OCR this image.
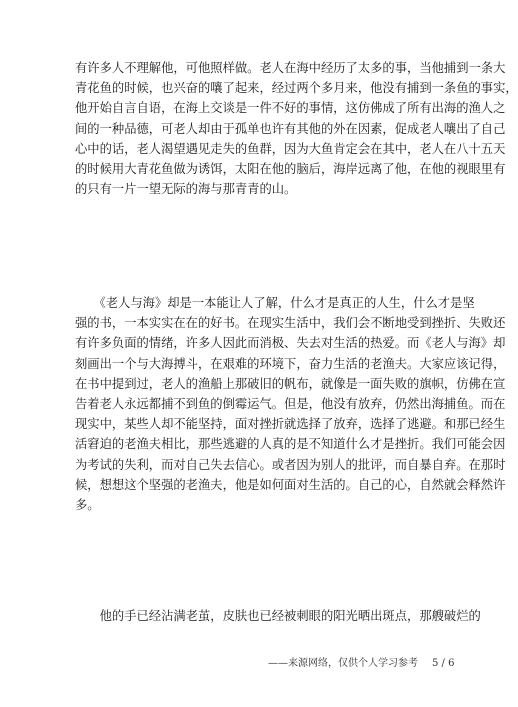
有许多人不理解他，可他照样做。老人在海中经历了太多的事，当他捕到一条大
青花鱼的时候，也兴奋的嚷了起来，经过两个多月来，他没有捕到一条鱼的事实，
他开始自言自语，在海上交谈是一件不好的事情，这仿佛成了所有出海的渔人之
间的一种品德，可老人却由于孤单也许有其他的外在因素，促成老人嚷出了自己
心中的话，老人渴望遇见走失的鱼群，因为大鱼肯定会在其中，老人在八十五天
的时候用大青花鱼做为诱饵，太阳在他的脑后，海岸远离了他，在他的视眼里有
的只有一片一望无际的海与那青青的山。
　　《老人与海》却是一本能让人了解，什么才是真正的人生，什么才是坚
强的书，一本实实在在的好书。在现实生活中，我们会不断地受到挫折、失败还
有许多负面的情绪，许多人因此而消极、失去对生活的热爱。而《老人与海》却
刻画出一个与大海搏斗，在艰难的环境下，奋力生活的老渔夫。大家应该记得，
在书中提到过，老人的渔船上那破旧的帆布，就像是一面失败的旗帜，仿佛在宣
告着老人永远都捕不到鱼的倒霉运气。但是，他没有放弃，仍然出海捕鱼。而在
现实中，某些人却不能坚持，面对挫折就选择了放弃，选择了逃避。和那已经生
活窘迫的老渔夫相比，那些逃避的人真的是不知道什么才是挫折。我们可能会因
为考试的失利，而对自己失去信心。或者因为别人的批评，而自暴自弃。在那时
候，想想这个坚强的老渔夫，他是如何面对生活的。自己的心，自然就会释然许
多。
　　他的手已经沾满老茧，皮肤也已经被刺眼的阳光晒出斑点，那艘破烂的
——来源网络，仅供个人学习参考 5 / 6
